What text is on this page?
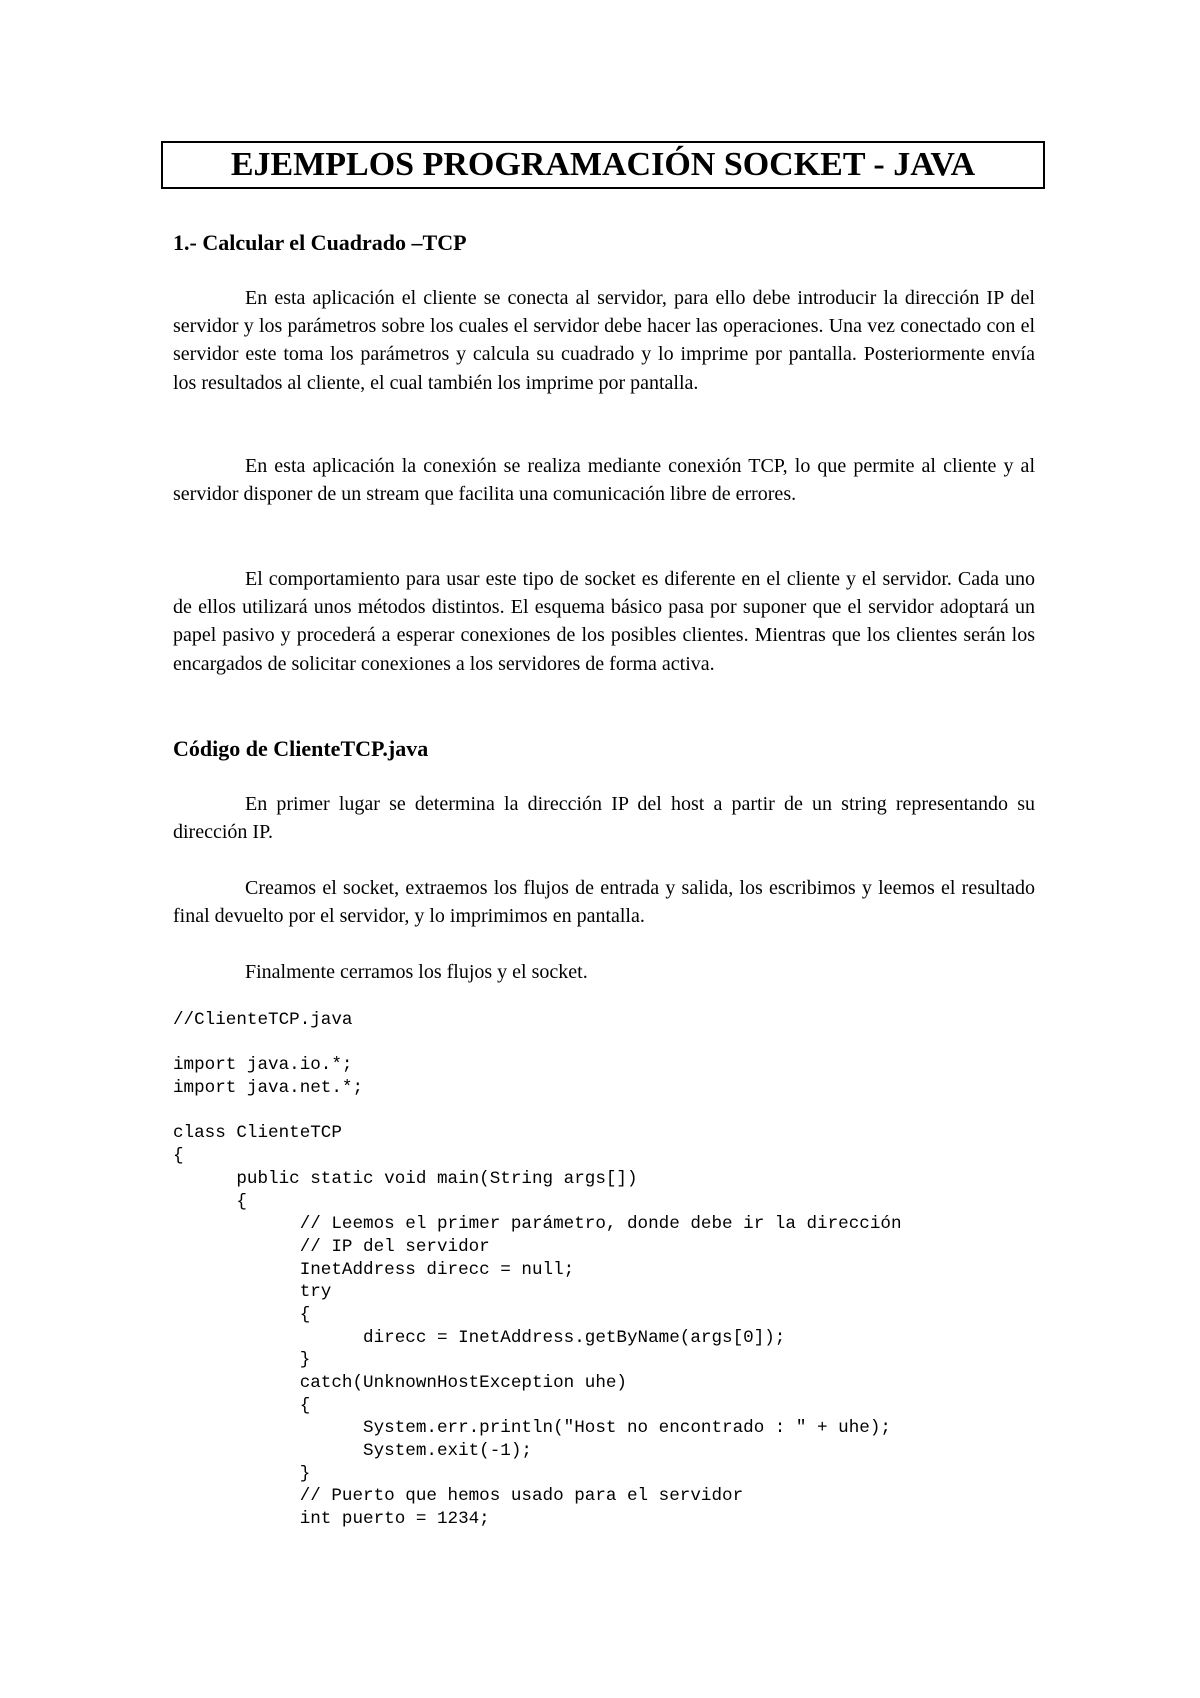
EJEMPLOS PROGRAMACIÓN SOCKET - JAVA
1.- Calcular el Cuadrado –TCP
En esta aplicación el cliente se conecta al servidor, para ello debe introducir la dirección IP del servidor y los parámetros sobre los cuales el servidor debe hacer las operaciones. Una vez conectado con el servidor este toma los parámetros y calcula su cuadrado y lo imprime por pantalla. Posteriormente envía los resultados al cliente, el cual también los imprime por pantalla.
En esta aplicación la conexión se realiza mediante conexión TCP, lo que permite al cliente y al servidor disponer de un stream que facilita una comunicación libre de errores.
El comportamiento para usar este tipo de socket es diferente en el cliente y el servidor. Cada uno de ellos utilizará unos métodos distintos. El esquema básico pasa por suponer que el servidor adoptará un papel pasivo y procederá a esperar conexiones de los posibles clientes. Mientras que los clientes serán los encargados de solicitar conexiones a los servidores de forma activa.
Código de ClienteTCP.java
En primer lugar se determina la dirección IP del host a partir de un string representando su dirección IP.
Creamos el socket, extraemos los flujos de entrada y salida, los escribimos y leemos el resultado final devuelto por el servidor, y lo imprimimos en pantalla.
Finalmente cerramos los flujos y el socket.
//ClienteTCP.java
import java.io.*;
import java.net.*;
class ClienteTCP
{
public static void main(String args[])
{
// Leemos el primer parámetro, donde debe ir la dirección
// IP del servidor
InetAddress direcc = null;
try
{
direcc = InetAddress.getByName(args[0]);
}
catch(UnknownHostException uhe)
{
System.err.println("Host no encontrado : " + uhe);
System.exit(-1);
}
// Puerto que hemos usado para el servidor
int puerto = 1234;
